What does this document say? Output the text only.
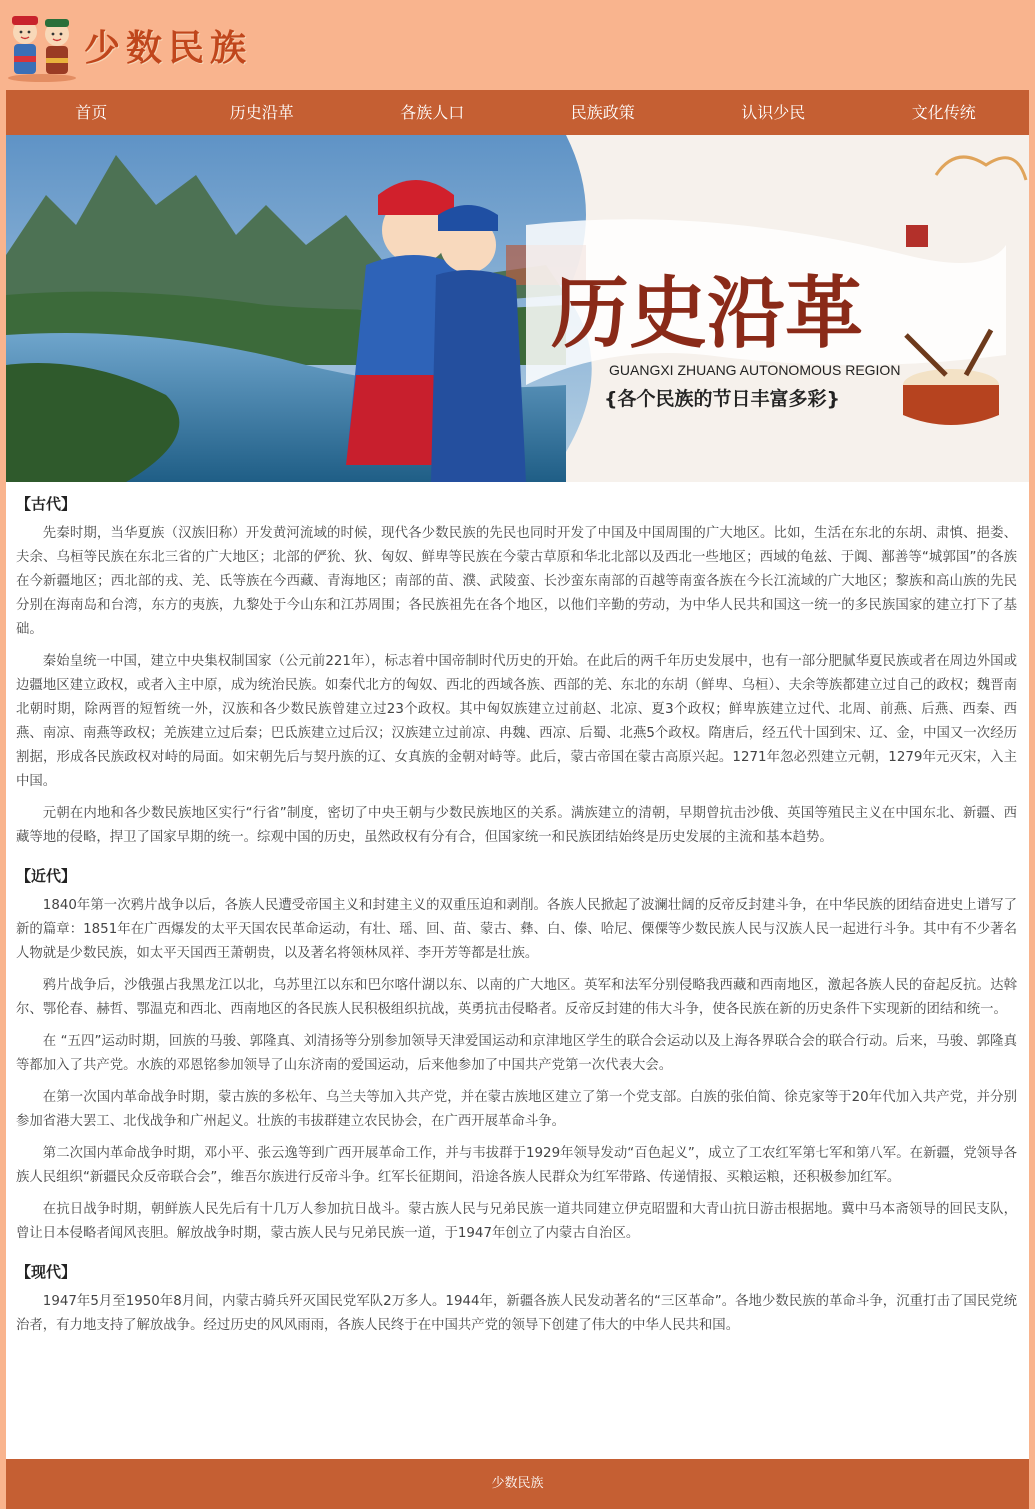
少数民族
首页	历史沿革	各族人口	民族政策	认识少民	文化传统
历史沿革
GUANGXI ZHUANG AUTONOMOUS REGION
{各个民族的节日丰富多彩}
【古代】

先秦时期，当华夏族（汉族旧称）开发黄河流域的时候，现代各少数民族的先民也同时开发了中国及中国周围的广大地区。比如，生活在东北的东胡、肃慎、挹娄、夫余、乌桓等民族在东北三省的广大地区；北部的俨狁、狄、匈奴、鲜卑等民族在今蒙古草原和华北北部以及西北一些地区；西域的龟兹、于阗、鄯善等“城郭国”的各族在今新疆地区；西北部的戎、羌、氐等族在今西藏、青海地区；南部的苗、濮、武陵蛮、长沙蛮东南部的百越等南蛮各族在今长江流域的广大地区；黎族和高山族的先民分别在海南岛和台湾，东方的夷族，九黎处于今山东和江苏周围；各民族祖先在各个地区，以他们辛勤的劳动，为中华人民共和国这一统一的多民族国家的建立打下了基础。

秦始皇统一中国，建立中央集权制国家（公元前221年），标志着中国帝制时代历史的开始。在此后的两千年历史发展中，也有一部分肥腻华夏民族或者在周边外国或边疆地区建立政权，或者入主中原，成为统治民族。如秦代北方的匈奴、西北的西域各族、西部的羌、东北的东胡（鲜卑、乌桓）、夫余等族都建立过自己的政权；魏晋南北朝时期，除两晋的短暂统一外，汉族和各少数民族曾建立过23个政权。其中匈奴族建立过前赵、北凉、夏3个政权；鲜卑族建立过代、北周、前燕、后燕、西秦、西燕、南凉、南燕等政权；羌族建立过后秦；巴氐族建立过后汉；汉族建立过前凉、冉魏、西凉、后蜀、北燕5个政权。隋唐后，经五代十国到宋、辽、金，中国又一次经历割据，形成各民族政权对峙的局面。如宋朝先后与契丹族的辽、女真族的金朝对峙等。此后，蒙古帝国在蒙古高原兴起。1271年忽必烈建立元朝，1279年元灭宋，入主中国。

元朝在内地和各少数民族地区实行“行省”制度，密切了中央王朝与少数民族地区的关系。满族建立的清朝，早期曾抗击沙俄、英国等殖民主义在中国东北、新疆、西藏等地的侵略，捍卫了国家早期的统一。综观中国的历史，虽然政权有分有合，但国家统一和民族团结始终是历史发展的主流和基本趋势。

【近代】

1840年第一次鸦片战争以后，各族人民遭受帝国主义和封建主义的双重压迫和剥削。各族人民掀起了波澜壮阔的反帝反封建斗争，在中华民族的团结奋进史上谱写了新的篇章：1851年在广西爆发的太平天国农民革命运动，有壮、瑶、回、苗、蒙古、彝、白、傣、哈尼、傈僳等少数民族人民与汉族人民一起进行斗争。其中有不少著名人物就是少数民族，如太平天国西王萧朝贵，以及著名将领林凤祥、李开芳等都是壮族。

鸦片战争后，沙俄强占我黑龙江以北，乌苏里江以东和巴尔喀什湖以东、以南的广大地区。英军和法军分别侵略我西藏和西南地区，激起各族人民的奋起反抗。达斡尔、鄂伦春、赫哲、鄂温克和西北、西南地区的各民族人民积极组织抗战，英勇抗击侵略者。反帝反封建的伟大斗争，使各民族在新的历史条件下实现新的团结和统一。

在 “五四”运动时期，回族的马骏、郭隆真、刘清扬等分别参加领导天津爱国运动和京津地区学生的联合会运动以及上海各界联合会的联合行动。后来，马骏、郭隆真等都加入了共产党。水族的邓恩铭参加领导了山东济南的爱国运动，后来他参加了中国共产党第一次代表大会。

在第一次国内革命战争时期，蒙古族的多松年、乌兰夫等加入共产党，并在蒙古族地区建立了第一个党支部。白族的张伯简、徐克家等于20年代加入共产党，并分别参加省港大罢工、北伐战争和广州起义。壮族的韦拔群建立农民协会，在广西开展革命斗争。

第二次国内革命战争时期，邓小平、张云逸等到广西开展革命工作，并与韦拔群于1929年领导发动“百色起义”，成立了工农红军第七军和第八军。在新疆，党领导各族人民组织“新疆民众反帝联合会”，维吾尔族进行反帝斗争。红军长征期间，沿途各族人民群众为红军带路、传递情报、买粮运粮，还积极参加红军。

在抗日战争时期，朝鲜族人民先后有十几万人参加抗日战斗。蒙古族人民与兄弟民族一道共同建立伊克昭盟和大青山抗日游击根据地。冀中马本斋领导的回民支队，曾让日本侵略者闻风丧胆。解放战争时期，蒙古族人民与兄弟民族一道，于1947年创立了内蒙古自治区。

【现代】

1947年5月至1950年8月间，内蒙古骑兵歼灭国民党军队2万多人。1944年，新疆各族人民发动著名的“三区革命”。各地少数民族的革命斗争，沉重打击了国民党统治者，有力地支持了解放战争。经过历史的风风雨雨，各族人民终于在中国共产党的领导下创建了伟大的中华人民共和国。

少数民族
